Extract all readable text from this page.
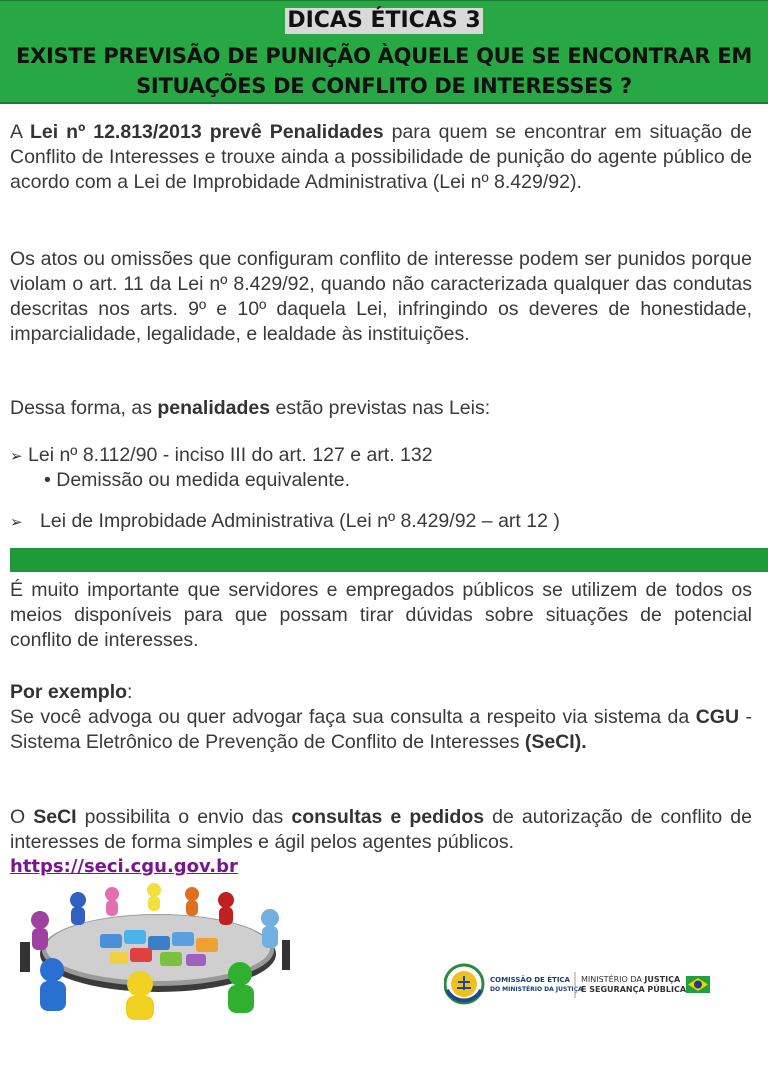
DICAS ÉTICAS 3
EXISTE PREVISÃO DE PUNIÇÃO ÀQUELE QUE SE ENCONTRAR EM
SITUAÇÕES DE CONFLITO DE INTERESSES ?
A Lei nº 12.813/2013 prevê Penalidades para quem se encontrar em situação de Conflito de Interesses e trouxe ainda a possibilidade de punição do agente público de acordo com a Lei de Improbidade Administrativa (Lei nº 8.429/92).
Os atos ou omissões que configuram conflito de interesse podem ser punidos porque violam o art. 11 da Lei nº 8.429/92, quando não caracterizada qualquer das condutas descritas nos arts. 9º e 10º daquela Lei, infringindo os deveres de honestidade, imparcialidade, legalidade, e lealdade às instituições.
Dessa forma, as penalidades estão previstas nas Leis:
➢ Lei nº 8.112/90 - inciso III do art. 127 e art. 132
• Demissão ou medida equivalente.
➢ Lei de Improbidade Administrativa (Lei nº 8.429/92 – art 12 )
É muito importante que servidores e empregados públicos se utilizem de todos os meios disponíveis para que possam tirar dúvidas sobre situações de potencial conflito de interesses.
Por exemplo:
Se você advoga ou quer advogar faça sua consulta a respeito via sistema da CGU - Sistema Eletrônico de Prevenção de Conflito de Interesses (SeCI).
O SeCI possibilita o envio das consultas e pedidos de autorização de conflito de interesses de forma simples e ágil pelos agentes públicos.
https://seci.cgu.gov.br
COMISSÃO DE ÉTICA
DO MINISTÉRIO DA JUSTIÇA
MINISTÉRIO DA JUSTIÇA
E SEGURANÇA PÚBLICA
